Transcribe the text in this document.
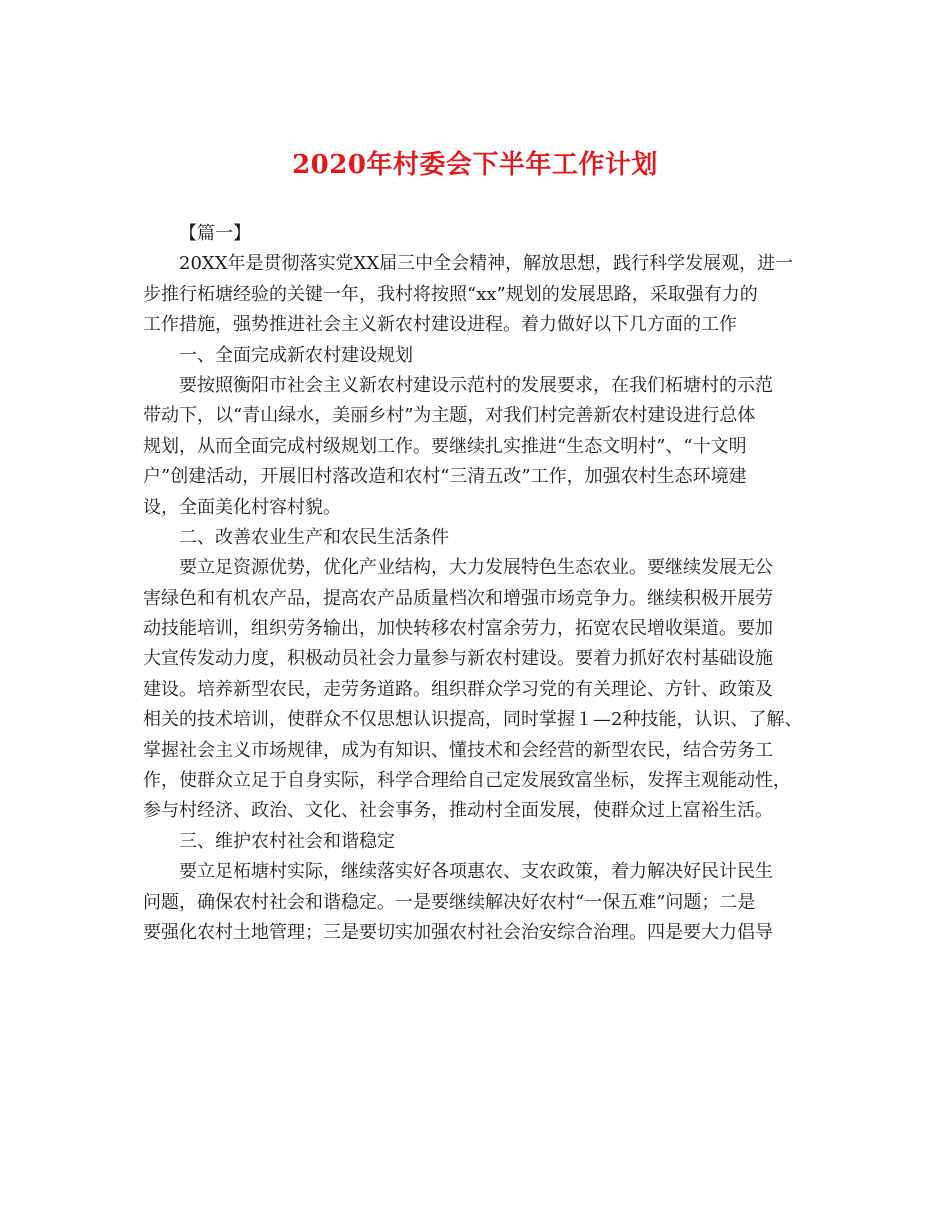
2020年村委会下半年工作计划
【篇一】
20XX年是贯彻落实党XX届三中全会精神，解放思想，践行科学发展观，进一
步推行柘塘经验的关键一年，我村将按照“xx”规划的发展思路，采取强有力的
工作措施，强势推进社会主义新农村建设进程。着力做好以下几方面的工作
一、全面完成新农村建设规划
要按照衡阳市社会主义新农村建设示范村的发展要求，在我们柘塘村的示范
带动下，以“青山绿水，美丽乡村”为主题，对我们村完善新农村建设进行总体
规划，从而全面完成村级规划工作。要继续扎实推进“生态文明村”、“十文明
户”创建活动，开展旧村落改造和农村“三清五改”工作，加强农村生态环境建
设，全面美化村容村貌。
二、改善农业生产和农民生活条件
要立足资源优势，优化产业结构，大力发展特色生态农业。要继续发展无公
害绿色和有机农产品，提高农产品质量档次和增强市场竞争力。继续积极开展劳
动技能培训，组织劳务输出，加快转移农村富余劳力，拓宽农民增收渠道。要加
大宣传发动力度，积极动员社会力量参与新农村建设。要着力抓好农村基础设施
建设。培养新型农民，走劳务道路。组织群众学习党的有关理论、方针、政策及
相关的技术培训，使群众不仅思想认识提高，同时掌握１—2种技能，认识、了解、
掌握社会主义市场规律，成为有知识、懂技术和会经营的新型农民，结合劳务工
作，使群众立足于自身实际，科学合理给自己定发展致富坐标，发挥主观能动性，
参与村经济、政治、文化、社会事务，推动村全面发展，使群众过上富裕生活。
三、维护农村社会和谐稳定
要立足柘塘村实际，继续落实好各项惠农、支农政策，着力解决好民计民生
问题，确保农村社会和谐稳定。一是要继续解决好农村“一保五难”问题；二是
要强化农村土地管理；三是要切实加强农村社会治安综合治理。四是要大力倡导
